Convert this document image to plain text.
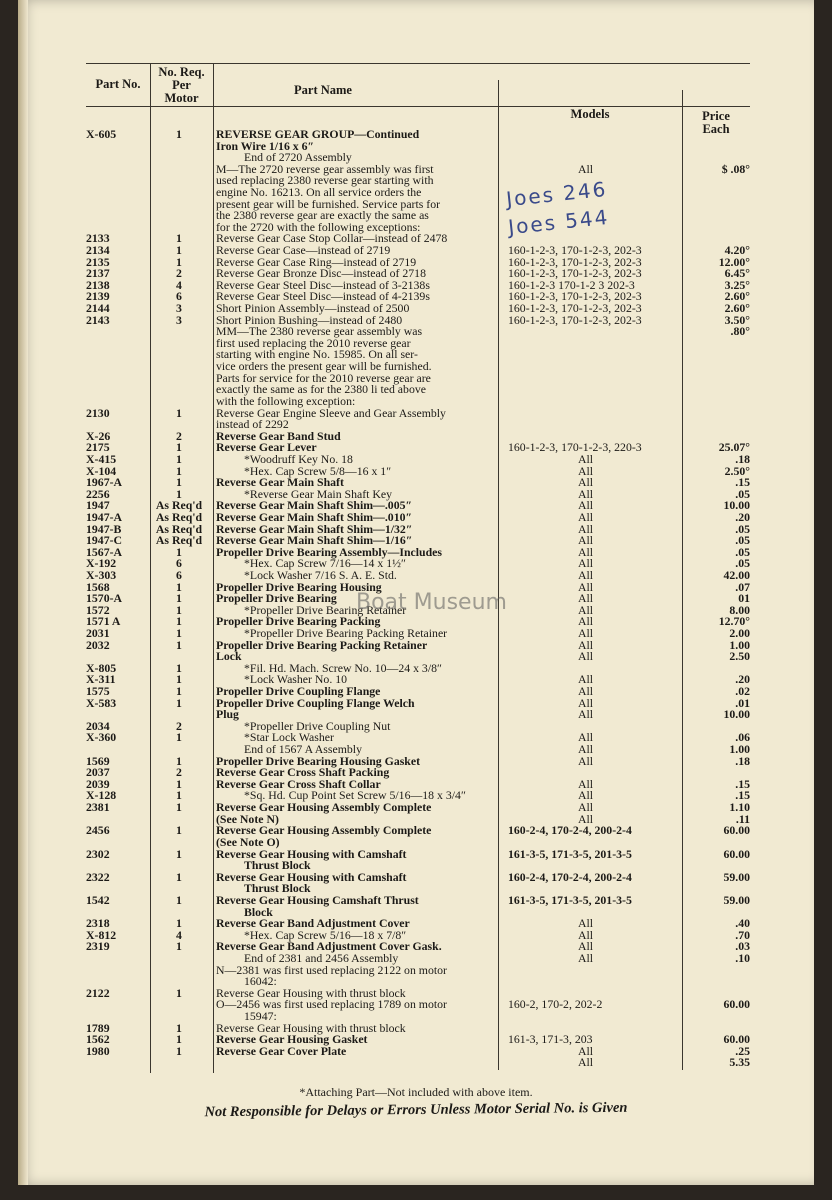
Part No.
No. Req.
Per
Motor
Part Name
Models	Price
Each
X-605	1	REVERSE GEAR GROUP—Continued
Iron Wire 1/16 x 6″
End of 2720 Assembly
M—The 2720 reverse gear assembly was first	All	$ .08°
used replacing 2380 reverse gear starting with
engine No. 16213. On all service orders the
present gear will be furnished. Service parts for
the 2380 reverse gear are exactly the same as
for the 2720 with the following exceptions:
2133	1	Reverse Gear Case Stop Collar—instead of 2478
2134	1	Reverse Gear Case—instead of 2719	160-1-2-3, 170-1-2-3, 202-3	4.20°
2135	1	Reverse Gear Case Ring—instead of 2719	160-1-2-3, 170-1-2-3, 202-3	12.00°
2137	2	Reverse Gear Bronze Disc—instead of 2718	160-1-2-3, 170-1-2-3, 202-3	6.45°
2138	4	Reverse Gear Steel Disc—instead of 3-2138s	160-1-2-3 170-1-2 3 202-3	3.25°
2139	6	Reverse Gear Steel Disc—instead of 4-2139s	160-1-2-3, 170-1-2-3, 202-3	2.60°
2144	3	Short Pinion Assembly—instead of 2500	160-1-2-3, 170-1-2-3, 202-3	2.60°
2143	3	Short Pinion Bushing—instead of 2480	160-1-2-3, 170-1-2-3, 202-3	3.50°
MM—The 2380 reverse gear assembly was	.80°
first used replacing the 2010 reverse gear
starting with engine No. 15985. On all ser-
vice orders the present gear will be furnished.
Parts for service for the 2010 reverse gear are
exactly the same as for the 2380 li ted above
with the following exception:
2130	1	Reverse Gear Engine Sleeve and Gear Assembly
instead of 2292
X-26	2	Reverse Gear Band Stud
2175	1	Reverse Gear Lever	160-1-2-3, 170-1-2-3, 220-3	25.07°
X-415	1	*Woodruff Key No. 18	All	.18
X-104	1	*Hex. Cap Screw 5/8—16 x 1″	All	2.50°
1967-A	1	Reverse Gear Main Shaft	All	.15
2256	1	*Reverse Gear Main Shaft Key	All	.05
1947	As Req'd	Reverse Gear Main Shaft Shim—.005″	All	10.00
1947-A	As Req'd	Reverse Gear Main Shaft Shim—.010″	All	.20
1947-B	As Req'd	Reverse Gear Main Shaft Shim—1/32″	All	.05
1947-C	As Req'd	Reverse Gear Main Shaft Shim—1/16″	All	.05
1567-A	1	Propeller Drive Bearing Assembly—Includes	All	.05
X-192	6	*Hex. Cap Screw 7/16—14 x 1½″	All	.05
X-303	6	*Lock Washer 7/16 S. A. E. Std.	All	42.00
1568	1	Propeller Drive Bearing Housing	All	.07
1570-A	1	Propeller Drive Bearing	All	01
1572	1	*Propeller Drive Bearing Retainer	All	8.00
1571 A	1	Propeller Drive Bearing Packing	All	12.70°
2031	1	*Propeller Drive Bearing Packing Retainer	All	2.00
2032	1	Propeller Drive Bearing Packing Retainer	All	1.00
Lock	All	2.50
X-805	1	*Fil. Hd. Mach. Screw No. 10—24 x 3/8″
X-311	1	*Lock Washer No. 10	All	.20
1575	1	Propeller Drive Coupling Flange	All	.02
X-583	1	Propeller Drive Coupling Flange Welch	All	.01
Plug	All	10.00
2034	2	*Propeller Drive Coupling Nut
X-360	1	*Star Lock Washer	All	.06
End of 1567 A Assembly	All	1.00
1569	1	Propeller Drive Bearing Housing Gasket	All	.18
2037	2	Reverse Gear Cross Shaft Packing
2039	1	Reverse Gear Cross Shaft Collar	All	.15
X-128	1	*Sq. Hd. Cup Point Set Screw 5/16—18 x 3/4″	All	.15
2381	1	Reverse Gear Housing Assembly Complete	All	1.10
(See Note N)	All	.11
2456	1	Reverse Gear Housing Assembly Complete	160-2-4, 170-2-4, 200-2-4	60.00
(See Note O)
2302	1	Reverse Gear Housing with Camshaft	161-3-5, 171-3-5, 201-3-5	60.00
Thrust Block
2322	1	Reverse Gear Housing with Camshaft	160-2-4, 170-2-4, 200-2-4	59.00
Thrust Block
1542	1	Reverse Gear Housing Camshaft Thrust	161-3-5, 171-3-5, 201-3-5	59.00
Block
2318	1	Reverse Gear Band Adjustment Cover	All	.40
X-812	4	*Hex. Cap Screw 5/16—18 x 7/8″	All	.70
2319	1	Reverse Gear Band Adjustment Cover Gask.	All	.03
End of 2381 and 2456 Assembly	All	.10
N—2381 was first used replacing 2122 on motor
16042:
2122	1	Reverse Gear Housing with thrust block
O—2456 was first used replacing 1789 on motor	160-2, 170-2, 202-2	60.00
15947:
1789	1	Reverse Gear Housing with thrust block
1562	1	Reverse Gear Housing Gasket	161-3, 171-3, 203	60.00
1980	1	Reverse Gear Cover Plate	All	.25
All	5.35
Joes 246
Joes 544
Boat Museum
*Attaching Part—Not included with above item.
Not Responsible for Delays or Errors Unless Motor Serial No. is Given
